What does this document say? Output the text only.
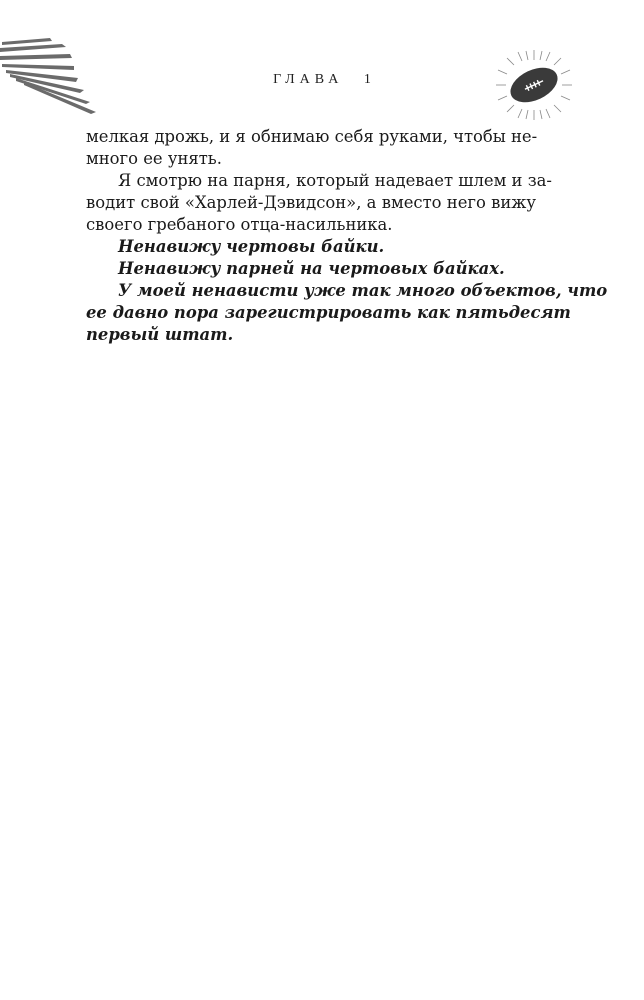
ГЛАВА 1
мелкая дрожь, и я обнимаю себя руками, чтобы не-
много ее унять.
Я смотрю на парня, который надевает шлем и за-
водит свой «Харлей-Дэвидсон», а вместо него вижу
своего гребаного отца-насильника.
Ненавижу чертовы байки.
Ненавижу парней на чертовых байках.
У моей ненависти уже так много объектов, что
ее давно пора зарегистрировать как пятьдесят
первый штат.
